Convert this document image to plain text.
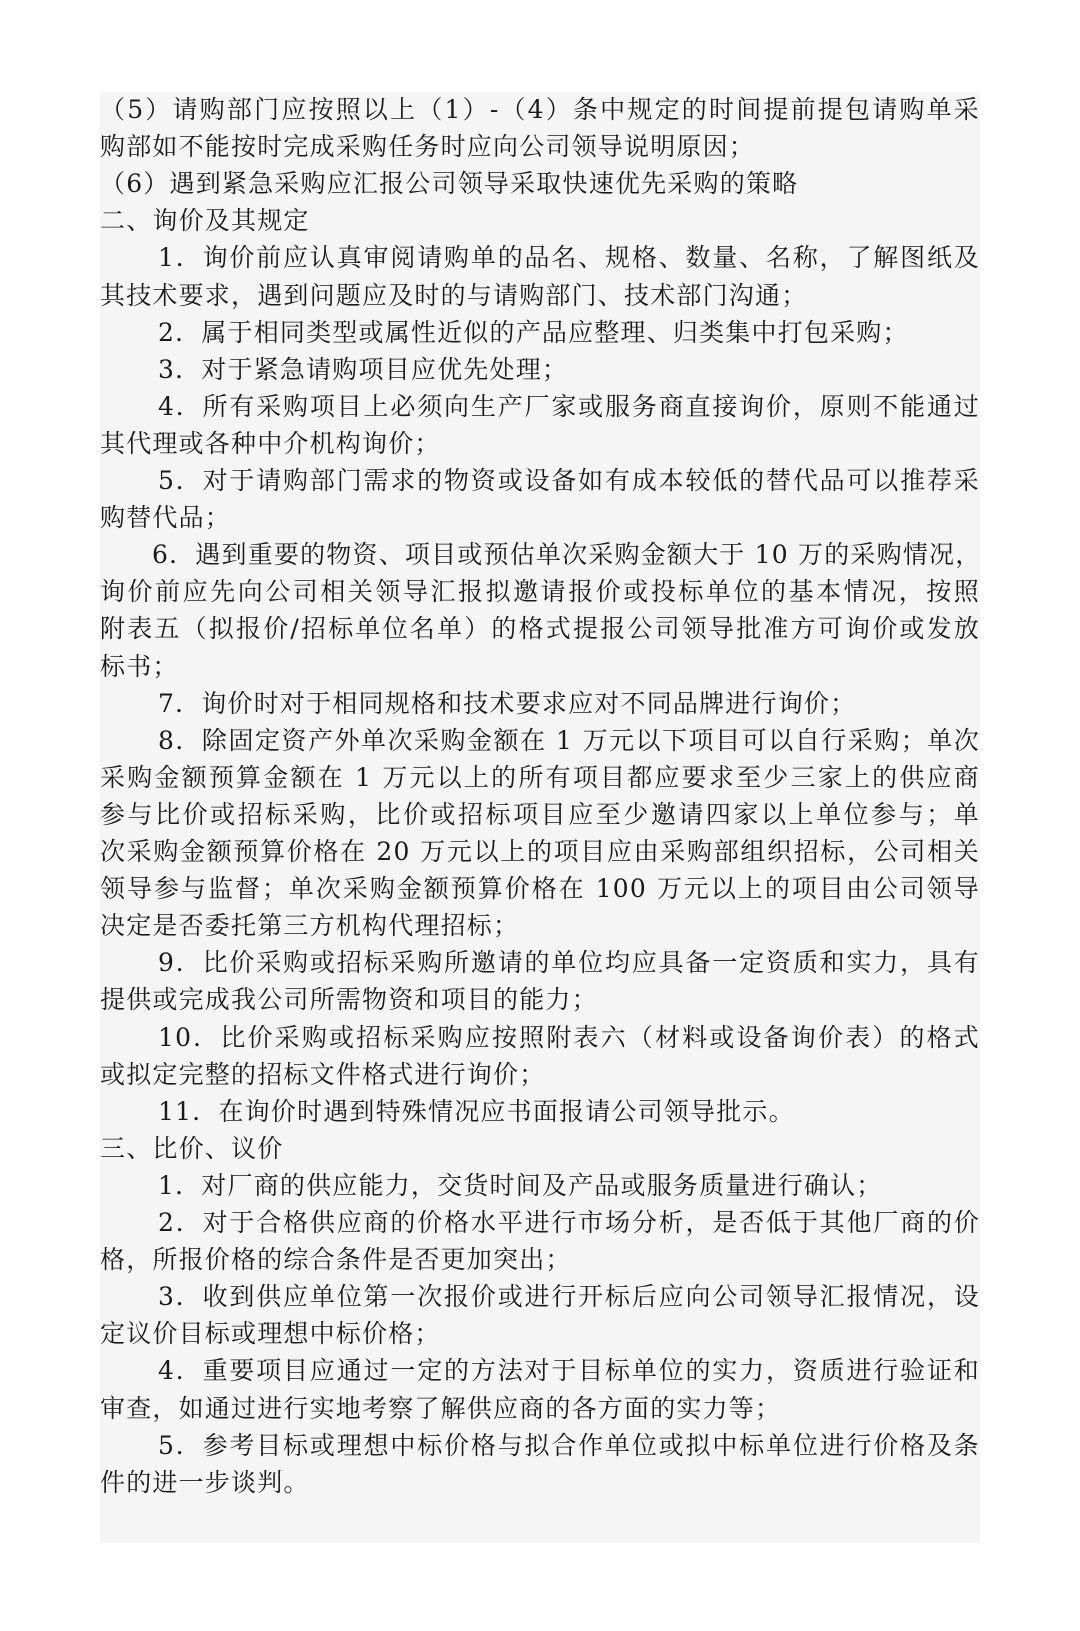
（5）请购部门应按照以上（1）-（4）条中规定的时间提前提包请购单采
购部如不能按时完成采购任务时应向公司领导说明原因；
（6）遇到紧急采购应汇报公司领导采取快速优先采购的策略
二、询价及其规定
1．询价前应认真审阅请购单的品名、规格、数量、名称，了解图纸及
其技术要求，遇到问题应及时的与请购部门、技术部门沟通；
2．属于相同类型或属性近似的产品应整理、归类集中打包采购；
3．对于紧急请购项目应优先处理；
4．所有采购项目上必须向生产厂家或服务商直接询价，原则不能通过
其代理或各种中介机构询价；
5．对于请购部门需求的物资或设备如有成本较低的替代品可以推荐采
购替代品；
6．遇到重要的物资、项目或预估单次采购金额大于 10 万的采购情况，
询价前应先向公司相关领导汇报拟邀请报价或投标单位的基本情况，按照
附表五（拟报价/招标单位名单）的格式提报公司领导批准方可询价或发放
标书；
7．询价时对于相同规格和技术要求应对不同品牌进行询价；
8．除固定资产外单次采购金额在 1 万元以下项目可以自行采购；单次
采购金额预算金额在 1 万元以上的所有项目都应要求至少三家上的供应商
参与比价或招标采购，比价或招标项目应至少邀请四家以上单位参与；单
次采购金额预算价格在 20 万元以上的项目应由采购部组织招标，公司相关
领导参与监督；单次采购金额预算价格在 100 万元以上的项目由公司领导
决定是否委托第三方机构代理招标；
9．比价采购或招标采购所邀请的单位均应具备一定资质和实力，具有
提供或完成我公司所需物资和项目的能力；
10．比价采购或招标采购应按照附表六（材料或设备询价表）的格式
或拟定完整的招标文件格式进行询价；
11．在询价时遇到特殊情况应书面报请公司领导批示。
三、比价、议价
1．对厂商的供应能力，交货时间及产品或服务质量进行确认；
2．对于合格供应商的价格水平进行市场分析，是否低于其他厂商的价
格，所报价格的综合条件是否更加突出；
3．收到供应单位第一次报价或进行开标后应向公司领导汇报情况，设
定议价目标或理想中标价格；
4．重要项目应通过一定的方法对于目标单位的实力，资质进行验证和
审查，如通过进行实地考察了解供应商的各方面的实力等；
5．参考目标或理想中标价格与拟合作单位或拟中标单位进行价格及条
件的进一步谈判。
